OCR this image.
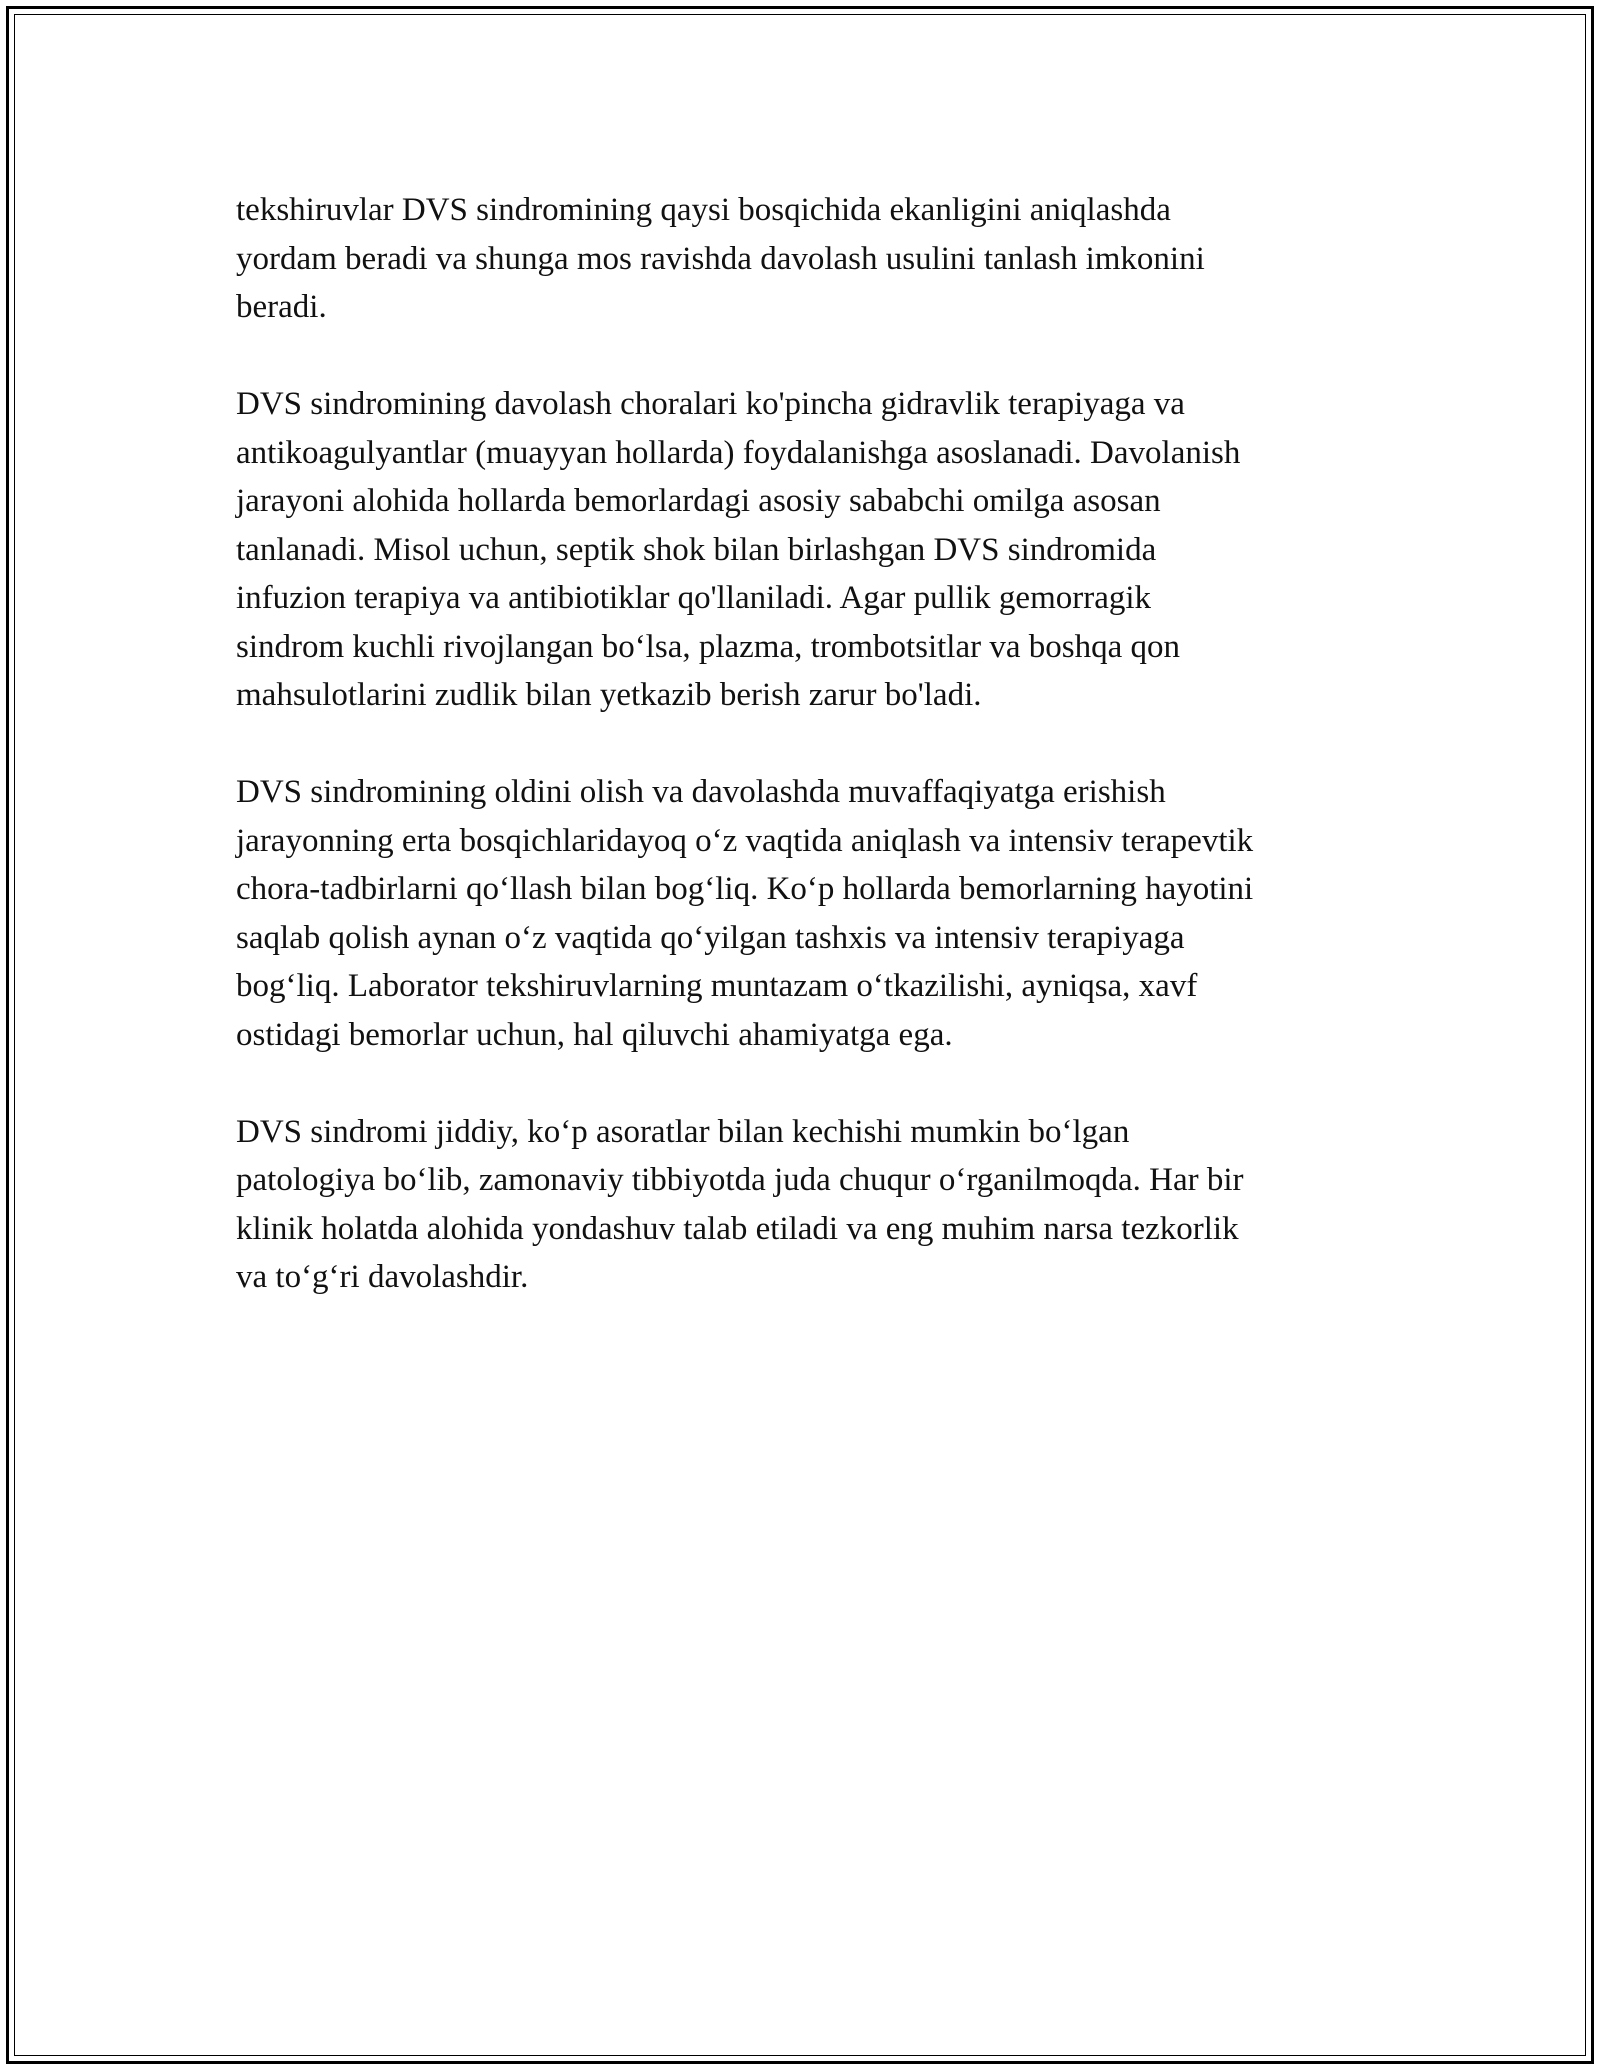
tekshiruvlar DVS sindromining qaysi bosqichida ekanligini aniqlashda
yordam beradi va shunga mos ravishda davolash usulini tanlash imkonini
beradi.

DVS sindromining davolash choralari ko'pincha gidravlik terapiyaga va
antikoagulyantlar (muayyan hollarda) foydalanishga asoslanadi. Davolanish
jarayoni alohida hollarda bemorlardagi asosiy sababchi omilga asosan
tanlanadi. Misol uchun, septik shok bilan birlashgan DVS sindromida
infuzion terapiya va antibiotiklar qo'llaniladi. Agar pullik gemorragik
sindrom kuchli rivojlangan boʻlsa, plazma, trombotsitlar va boshqa qon
mahsulotlarini zudlik bilan yetkazib berish zarur bo'ladi.

DVS sindromining oldini olish va davolashda muvaffaqiyatga erishish
jarayonning erta bosqichlaridayoq oʻz vaqtida aniqlash va intensiv terapevtik
chora-tadbirlarni qoʻllash bilan bogʻliq. Koʻp hollarda bemorlarning hayotini
saqlab qolish aynan oʻz vaqtida qoʻyilgan tashxis va intensiv terapiyaga
bogʻliq. Laborator tekshiruvlarning muntazam oʻtkazilishi, ayniqsa, xavf
ostidagi bemorlar uchun, hal qiluvchi ahamiyatga ega.

DVS sindromi jiddiy, koʻp asoratlar bilan kechishi mumkin boʻlgan
patologiya boʻlib, zamonaviy tibbiyotda juda chuqur oʻrganilmoqda. Har bir
klinik holatda alohida yondashuv talab etiladi va eng muhim narsa tezkorlik
va toʻgʻri davolashdir.
